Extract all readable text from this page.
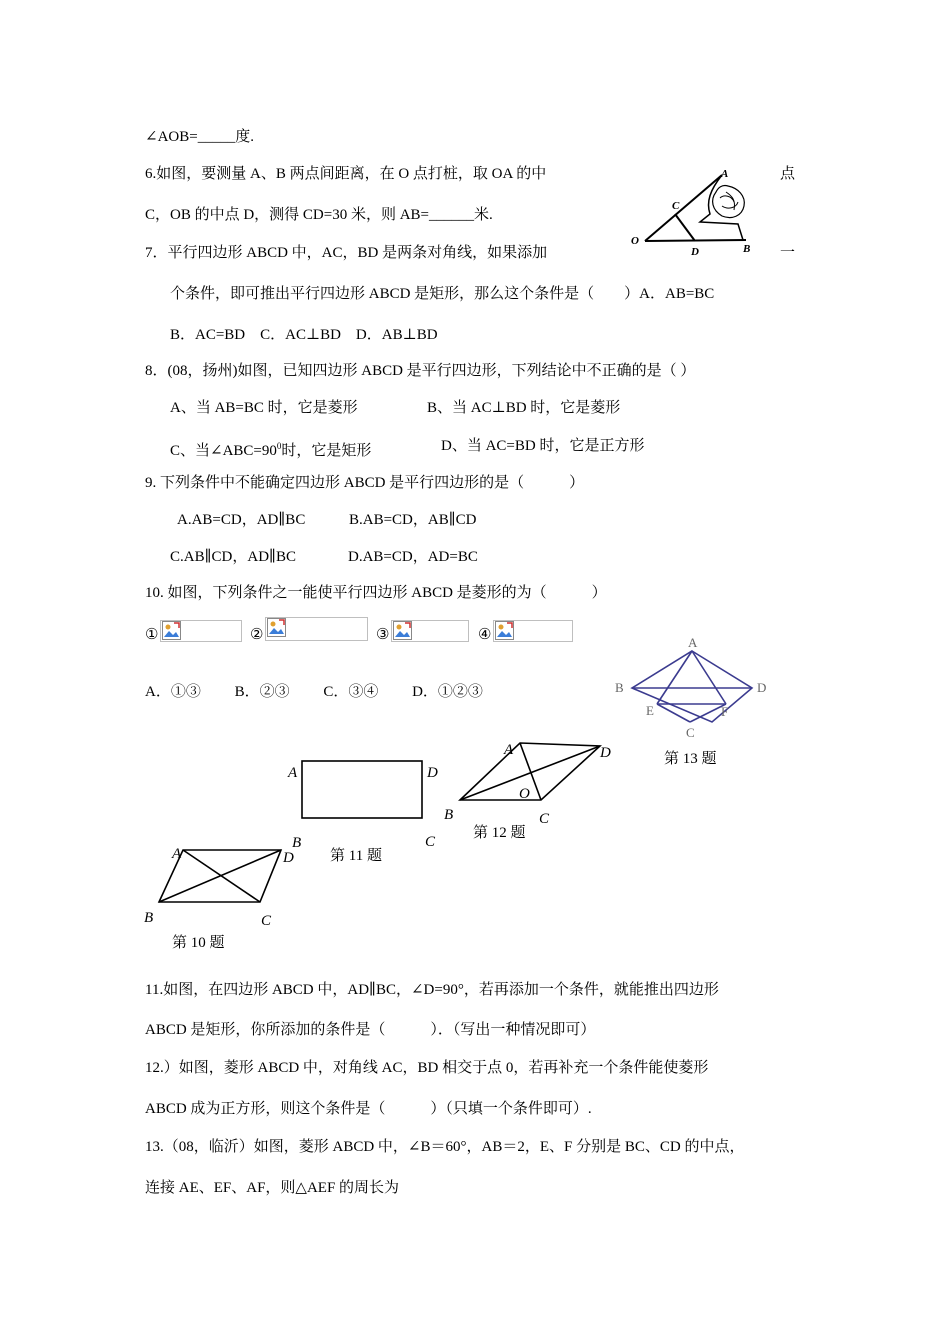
∠AOB=_____度.
6.如图，要测量 A、B 两点间距离，在 O 点打桩，取 OA 的中	点
C，OB 的中点 D，测得 CD=30 米，则 AB=______米.
A
C
O
D	B
7．平行四边形 ABCD 中，AC，BD 是两条对角线，如果添加	一
个条件，即可推出平行四边形 ABCD 是矩形，那么这个条件是（　　）A．AB=BC
B．AC=BD　C．AC⊥BD　D．AB⊥BD
8．(08，扬州)如图，已知四边形 ABCD 是平行四边形，下列结论中不正确的是（ ）
A、当 AB=BC 时，它是菱形	B、当 AC⊥BD 时，它是菱形
C、当$\angle ABC=90^0$时，它是矩形	D、当 AC=BD 时，它是正方形
9. 下列条件中不能确定四边形 ABCD 是平行四边形的是（　　　）
A.AB=CD，AD∥BC	B.AB=CD，AB∥CD
C.AB∥CD，AD∥BC	D.AB=CD，AD=BC
10. 如图，下列条件之一能使平行四边形 ABCD 是菱形的为（　　　）
①	②	③	④
A．①③　　 B．②③　　 C．③④　　 D．①②③
A
B	D
E	F
C
第 13 题
A	D
B	C
第 11 题
A	D
O
B	C
第 12 题
A	D
B	C
第 10 题
11.如图，在四边形 ABCD 中，AD∥BC，∠D=90°，若再添加一个条件，就能推出四边形
ABCD 是矩形，你所添加的条件是（　　　）．（写出一种情况即可）
12.）如图，菱形 ABCD 中，对角线 AC，BD 相交于点 0，若再补充一个条件能使菱形
ABCD 成为正方形，则这个条件是（　　　）（只填一个条件即可）.
13.（08，临沂）如图，菱形 ABCD 中，∠B＝60°，AB＝2，E、F 分别是 BC、CD 的中点，
连接 AE、EF、AF，则△AEF 的周长为
